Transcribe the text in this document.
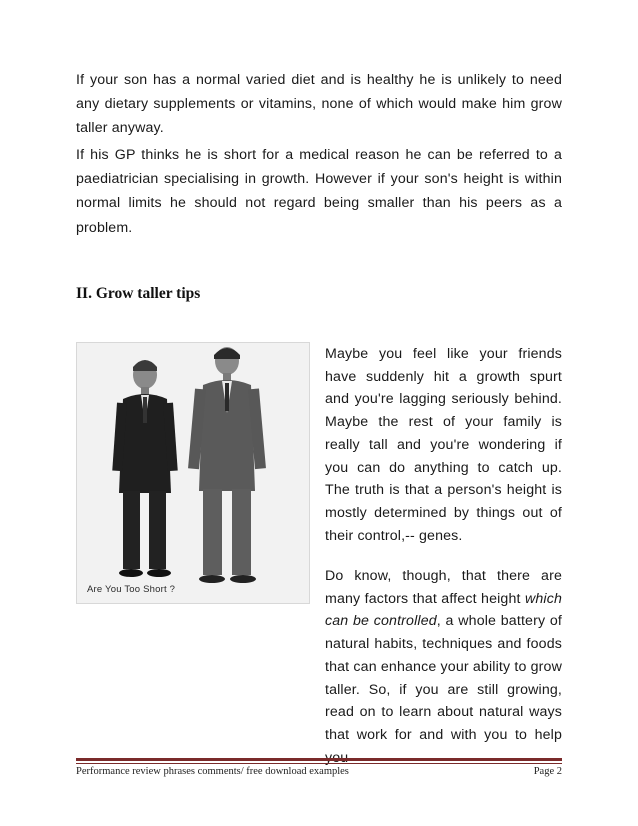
If your son has a normal varied diet and is healthy he is unlikely to need any dietary supplements or vitamins, none of which would make him grow taller anyway.

If his GP thinks he is short for a medical reason he can be referred to a paediatrician specialising in growth. However if your son's height is within normal limits he should not regard being smaller than his peers as a problem.

II. Grow taller tips
Are You Too Short ?

Maybe you feel like your friends have suddenly hit a growth spurt and you're lagging seriously behind. Maybe the rest of your family is really tall and you're wondering if you can do anything to catch up. The truth is that a person's height is mostly determined by things out of their control,-- genes.

Do know, though, that there are many factors that affect height which can be controlled, a whole battery of natural habits, techniques and foods that can enhance your ability to grow taller. So, if you are still growing, read on to learn about natural ways that work for and with you to help

Performance review phrases comments/ free download examples	Page 2
